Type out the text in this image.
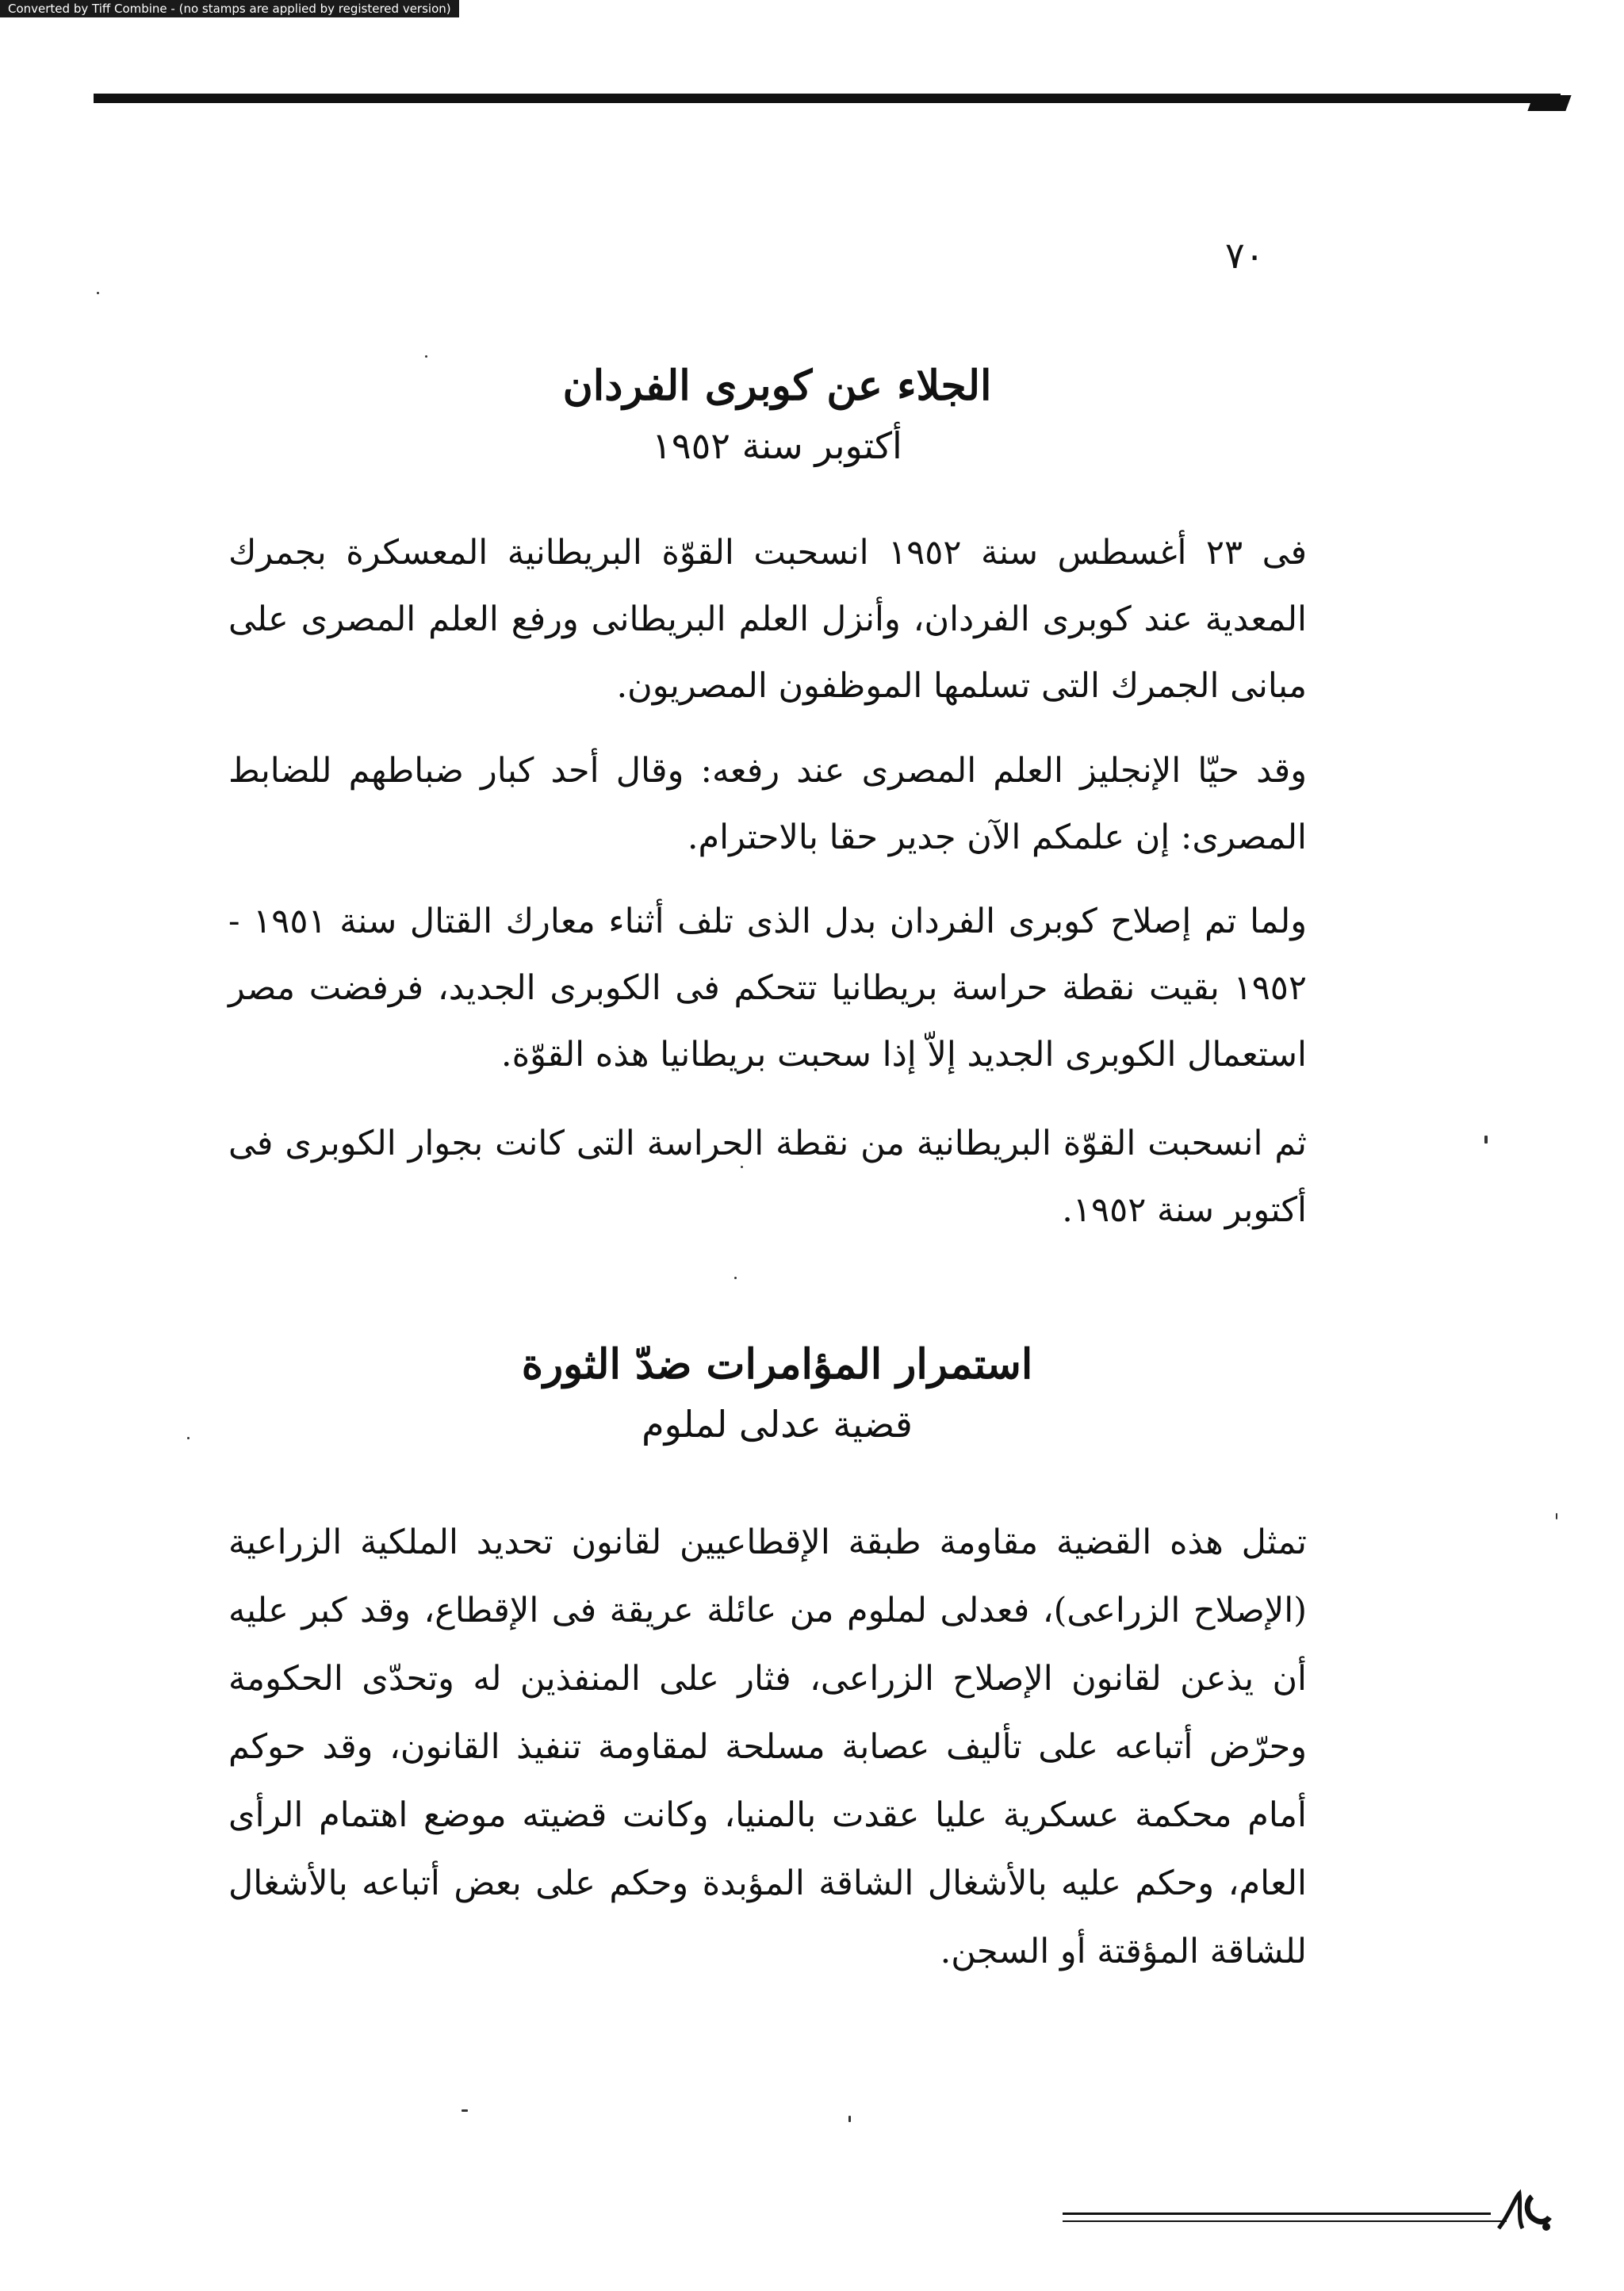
Converted by Tiff Combine - (no stamps are applied by registered version)
٧٠
الجلاء عن كوبرى الفردان
أكتوبر سنة ١٩٥٢

فى ٢٣ أغسطس سنة ١٩٥٢ انسحبت القوّة البريطانية المعسكرة بجمرك المعدية عند كوبرى الفردان، وأنزل العلم البريطانى ورفع العلم المصرى على مبانى الجمرك التى تسلمها الموظفون المصريون.

وقد حيّا الإنجليز العلم المصرى عند رفعه: وقال أحد كبار ضباطهم للضابط المصرى: إن علمكم الآن جدير حقا بالاحترام.

ولما تم إصلاح كوبرى الفردان بدل الذى تلف أثناء معارك القتال سنة ١٩٥١ - ١٩٥٢ بقيت نقطة حراسة بريطانيا تتحكم فى الكوبرى الجديد، فرفضت مصر استعمال الكوبرى الجديد إلاّ إذا سحبت بريطانيا هذه القوّة.

ثم انسحبت القوّة البريطانية من نقطة الحراسة التى كانت بجوار الكوبرى فى أكتوبر سنة ١٩٥٢.

استمرار المؤامرات ضدّ الثورة
قضية عدلى لملوم

تمثل هذه القضية مقاومة طبقة الإقطاعيين لقانون تحديد الملكية الزراعية (الإصلاح الزراعى)، فعدلى لملوم من عائلة عريقة فى الإقطاع، وقد كبر عليه أن يذعن لقانون الإصلاح الزراعى، فثار على المنفذين له وتحدّى الحكومة وحرّض أتباعه على تأليف عصابة مسلحة لمقاومة تنفيذ القانون، وقد حوكم أمام محكمة عسكرية عليا عقدت بالمنيا، وكانت قضيته موضع اهتمام الرأى العام، وحكم عليه بالأشغال الشاقة المؤبدة وحكم على بعض أتباعه بالأشغال للشاقة المؤقتة أو السجن.
